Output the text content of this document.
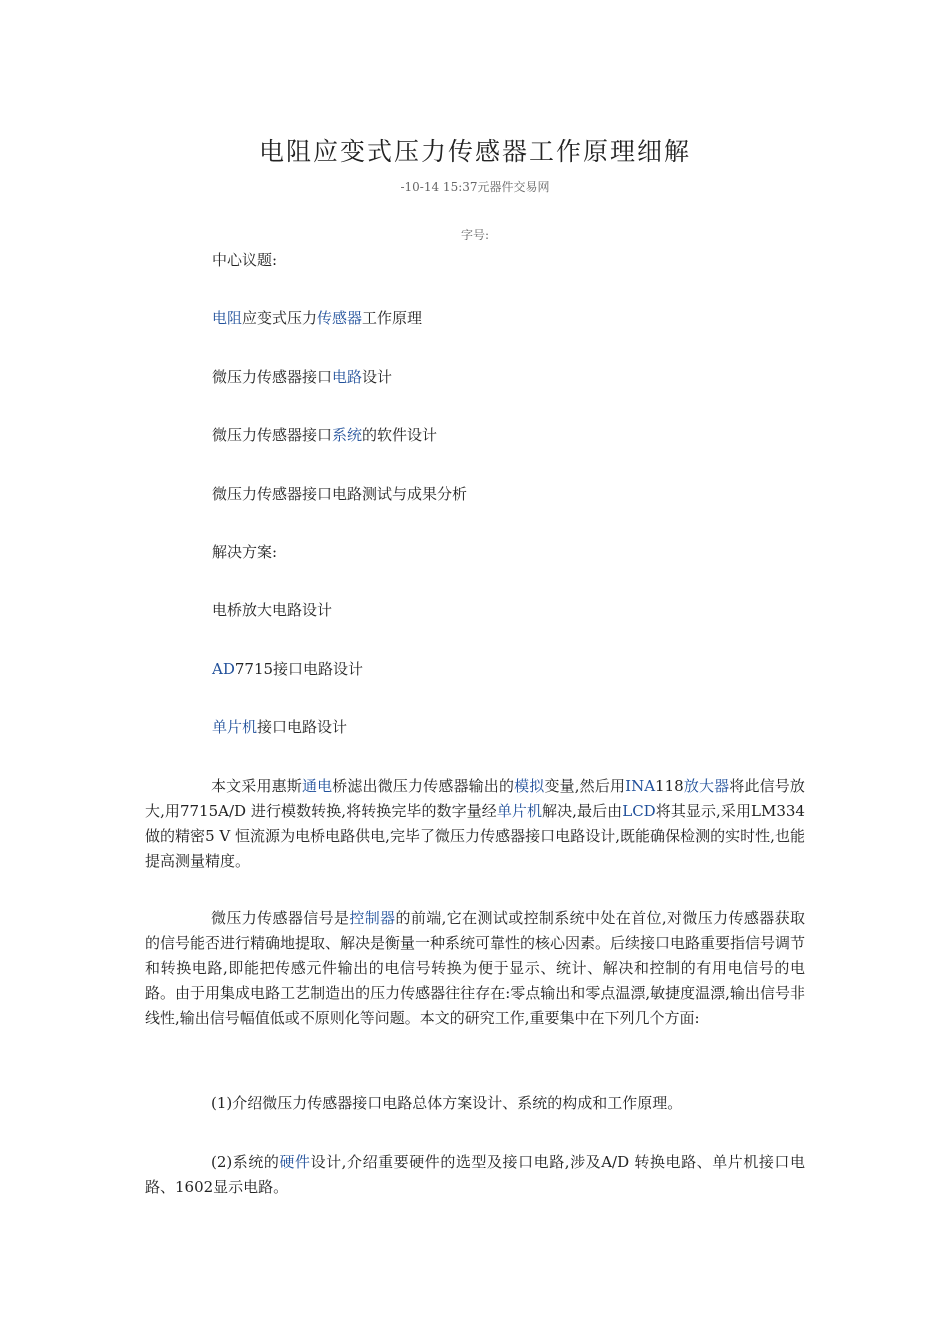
电阻应变式压力传感器工作原理细解
-10-14 15:37元器件交易网
字号:
中心议题:
电阻应变式压力传感器工作原理
微压力传感器接口电路设计
微压力传感器接口系统的软件设计
微压力传感器接口电路测试与成果分析
解决方案:
电桥放大电路设计
AD7715接口电路设计
单片机接口电路设计

本文采用惠斯通电桥滤出微压力传感器输出的模拟变量,然后用INA118放大器将此信号放大,用7715A/D 进行模数转换,将转换完毕的数字量经单片机解决,最后由LCD将其显示,采用LM334 做的精密5 V 恒流源为电桥电路供电,完毕了微压力传感器接口电路设计,既能确保检测的实时性,也能提高测量精度。

微压力传感器信号是控制器的前端,它在测试或控制系统中处在首位,对微压力传感器获取的信号能否进行精确地提取、解决是衡量一种系统可靠性的核心因素。后续接口电路重要指信号调节和转换电路,即能把传感元件输出的电信号转换为便于显示、统计、解决和控制的有用电信号的电路。由于用集成电路工艺制造出的压力传感器往往存在:零点输出和零点温漂,敏捷度温漂,输出信号非线性,输出信号幅值低或不原则化等问题。本文的研究工作,重要集中在下列几个方面:

(1)介绍微压力传感器接口电路总体方案设计、系统的构成和工作原理。

(2)系统的硬件设计,介绍重要硬件的选型及接口电路,涉及A/D 转换电路、单片机接口电路、1602显示电路。
